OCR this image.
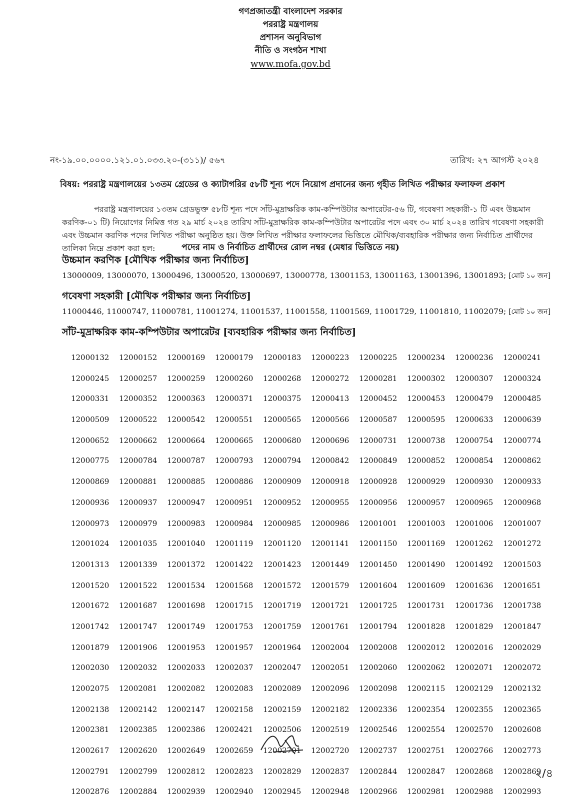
গণপ্রজাতন্ত্রী বাংলাদেশ সরকার
পররাষ্ট্র মন্ত্রণালয়
প্রশাসন অনুবিভাগ
নীতি ও সংগঠন শাখা
www.mofa.gov.bd
নং-১৯.০০.০০০০.১২১.০১.০৩৩.২০-(৩১১)/ ৫৬৭	তারিখ: ২৭ আগস্ট ২০২৪
বিষয়: পররাষ্ট্র মন্ত্রণালয়ের ১৩তম গ্রেডের ও ক্যাটাগরির ৫৮টি শূন্য পদে নিয়োগ প্রদানের জন্য গৃহীত লিখিত পরীক্ষার ফলাফল প্রকাশ
পররাষ্ট্র মন্ত্রণালয়ের ১৩তম গ্রেডভুক্ত ৫৮টি শূন্য পদে সাঁট-মুদ্রাক্ষরিক কাম-কম্পিউটার অপারেটর-৫৬ টি, গবেষণা সহকারী-১ টি এবং উচ্চমান করণিক-০১ টি) নিয়োগের নিমিত্ত গত ২৯ মার্চ ২০২৪ তারিখ সাঁট-মুদ্রাক্ষরিক কাম-কম্পিউটার অপারেটর পদে এবং ৩০ মার্চ ২০২৪ তারিখ গবেষণা সহকারী এবং উচ্চমান করণিক পদের লিখিত পরীক্ষা অনুষ্ঠিত হয়। উক্ত লিখিত পরীক্ষার ফলাফলের ভিত্তিতে মৌখিক/ব্যবহারিক পরীক্ষার জন্য নির্বাচিত প্রার্থীদের তালিকা নিম্নে প্রকাশ করা হল:	পদের নাম ও নির্বাচিত প্রার্থীদের রোল নম্বর (মেধার ভিত্তিতে নয়)
উচ্চমান করণিক [মৌখিক পরীক্ষার জন্য নির্বাচিত]
13000009, 13000070, 13000496, 13000520, 13000697, 13000778, 13001153, 13001163, 13001396, 13001893; [মোট ১০ জন]
গবেষণা সহকারী [মৌখিক পরীক্ষার জন্য নির্বাচিত]
11000446, 11000747, 11000781, 11001274, 11001537, 11001558, 11001569, 11001729, 11001810, 11002079; [মোট ১০ জন]
সাঁট-মুদ্রাক্ষরিক কাম-কম্পিউটার অপারেটর [ব্যবহারিক পরীক্ষার জন্য নির্বাচিত]
12000132	12000152	12000169	12000179	12000183	12000223	12000225	12000234	12000236	12000241
12000245	12000257	12000259	12000260	12000268	12000272	12000281	12000302	12000307	12000324
12000331	12000352	12000363	12000371	12000375	12000413	12000452	12000453	12000479	12000485
12000509	12000522	12000542	12000551	12000565	12000566	12000587	12000595	12000633	12000639
12000652	12000662	12000664	12000665	12000680	12000696	12000731	12000738	12000754	12000774
12000775	12000784	12000787	12000793	12000794	12000842	12000849	12000852	12000854	12000862
12000869	12000881	12000885	12000886	12000909	12000918	12000928	12000929	12000930	12000933
12000936	12000937	12000947	12000951	12000952	12000955	12000956	12000957	12000965	12000968
12000973	12000979	12000983	12000984	12000985	12000986	12001001	12001003	12001006	12001007
12001024	12001035	12001040	12001119	12001120	12001141	12001150	12001169	12001262	12001272
12001313	12001339	12001372	12001422	12001423	12001449	12001450	12001490	12001492	12001503
12001520	12001522	12001534	12001568	12001572	12001579	12001604	12001609	12001636	12001651
12001672	12001687	12001698	12001715	12001719	12001721	12001725	12001731	12001736	12001738
12001742	12001747	12001749	12001753	12001759	12001761	12001794	12001828	12001829	12001847
12001879	12001906	12001953	12001957	12001964	12002004	12002008	12002012	12002016	12002029
12002030	12002032	12002033	12002037	12002047	12002051	12002060	12002062	12002071	12002072
12002075	12002081	12002082	12002083	12002089	12002096	12002098	12002115	12002129	12002132
12002138	12002142	12002147	12002158	12002159	12002182	12002336	12002354	12002355	12002365
12002381	12002385	12002386	12002421	12002506	12002519	12002546	12002554	12002570	12002608
12002617	12002620	12002649	12002659	12002701	12002720	12002737	12002751	12002766	12002773
12002791	12002799	12002812	12002823	12002829	12002837	12002844	12002847	12002868	12002869
12002876	12002884	12002939	12002940	12002945	12002948	12002966	12002981	12002988	12002993
২/৪
